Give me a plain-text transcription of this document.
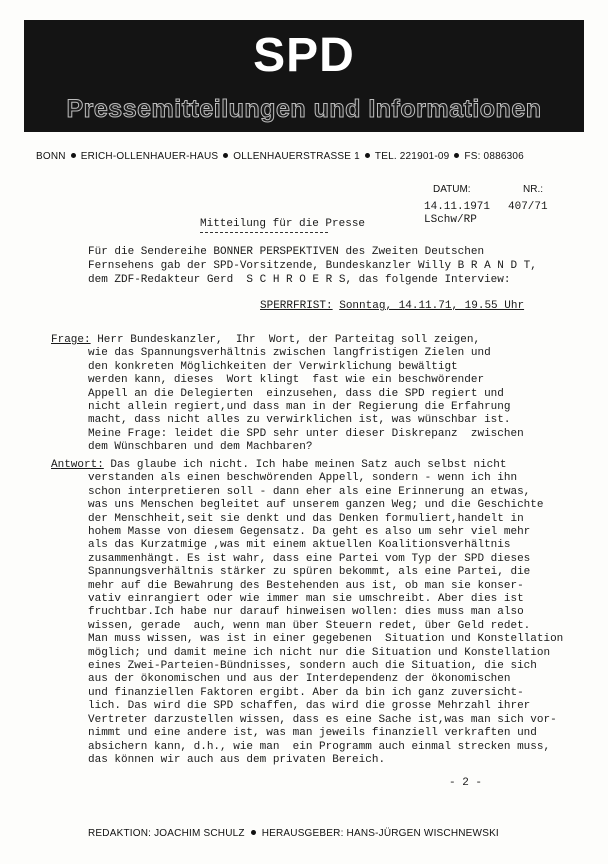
SPD
Pressemitteilungen und Informationen
BONN ERICH-OLLENHAUER-HAUS OLLENHAUERSTRASSE 1 TEL. 221901-09 FS: 0886306
DATUM:	NR.:
14.11.1971 407/71
LSchw/RP
Mitteilung für die Presse
Für die Sendereihe BONNER PERSPEKTIVEN des Zweiten Deutschen
Fernsehens gab der SPD-Vorsitzende, Bundeskanzler Willy B R A N D T,
dem ZDF-Redakteur Gerd  S C H R O E R S, das folgende Interview:
SPERRFRIST: Sonntag, 14.11.71, 19.55 Uhr
Frage: Herr Bundeskanzler,  Ihr  Wort, der Parteitag soll zeigen,
wie das Spannungsverhältnis zwischen langfristigen Zielen und
den konkreten Möglichkeiten der Verwirklichung bewältigt
werden kann, dieses  Wort klingt  fast wie ein beschwörender
Appell an die Delegierten  einzusehen, dass die SPD regiert und
nicht allein regiert,und dass man in der Regierung die Erfahrung
macht, dass nicht alles zu verwirklichen ist, was wünschbar ist.
Meine Frage: leidet die SPD sehr unter dieser Diskrepanz  zwischen
dem Wünschbaren und dem Machbaren?
Antwort: Das glaube ich nicht. Ich habe meinen Satz auch selbst nicht
verstanden als einen beschwörenden Appell, sondern - wenn ich ihn
schon interpretieren soll - dann eher als eine Erinnerung an etwas,
was uns Menschen begleitet auf unserem ganzen Weg; und die Geschichte
der Menschheit,seit sie denkt und das Denken formuliert,handelt in
hohem Masse von diesem Gegensatz. Da geht es also um sehr viel mehr
als das Kurzatmige ,was mit einem aktuellen Koalitionsverhältnis
zusammenhängt. Es ist wahr, dass eine Partei vom Typ der SPD dieses
Spannungsverhältnis stärker zu spüren bekommt, als eine Partei, die
mehr auf die Bewahrung des Bestehenden aus ist, ob man sie konser-
vativ einrangiert oder wie immer man sie umschreibt. Aber dies ist
fruchtbar.Ich habe nur darauf hinweisen wollen: dies muss man also
wissen, gerade  auch, wenn man über Steuern redet, über Geld redet.
Man muss wissen, was ist in einer gegebenen  Situation und Konstellation
möglich; und damit meine ich nicht nur die Situation und Konstellation
eines Zwei-Parteien-Bündnisses, sondern auch die Situation, die sich
aus der ökonomischen und aus der Interdependenz der ökonomischen
und finanziellen Faktoren ergibt. Aber da bin ich ganz zuversicht-
lich. Das wird die SPD schaffen, das wird die grosse Mehrzahl ihrer
Vertreter darzustellen wissen, dass es eine Sache ist,was man sich vor-
nimmt und eine andere ist, was man jeweils finanziell verkraften und
absichern kann, d.h., wie man  ein Programm auch einmal strecken muss,
das können wir auch aus dem privaten Bereich.
- 2 -
REDAKTION: JOACHIM SCHULZ HERAUSGEBER: HANS-JÜRGEN WISCHNEWSKI
